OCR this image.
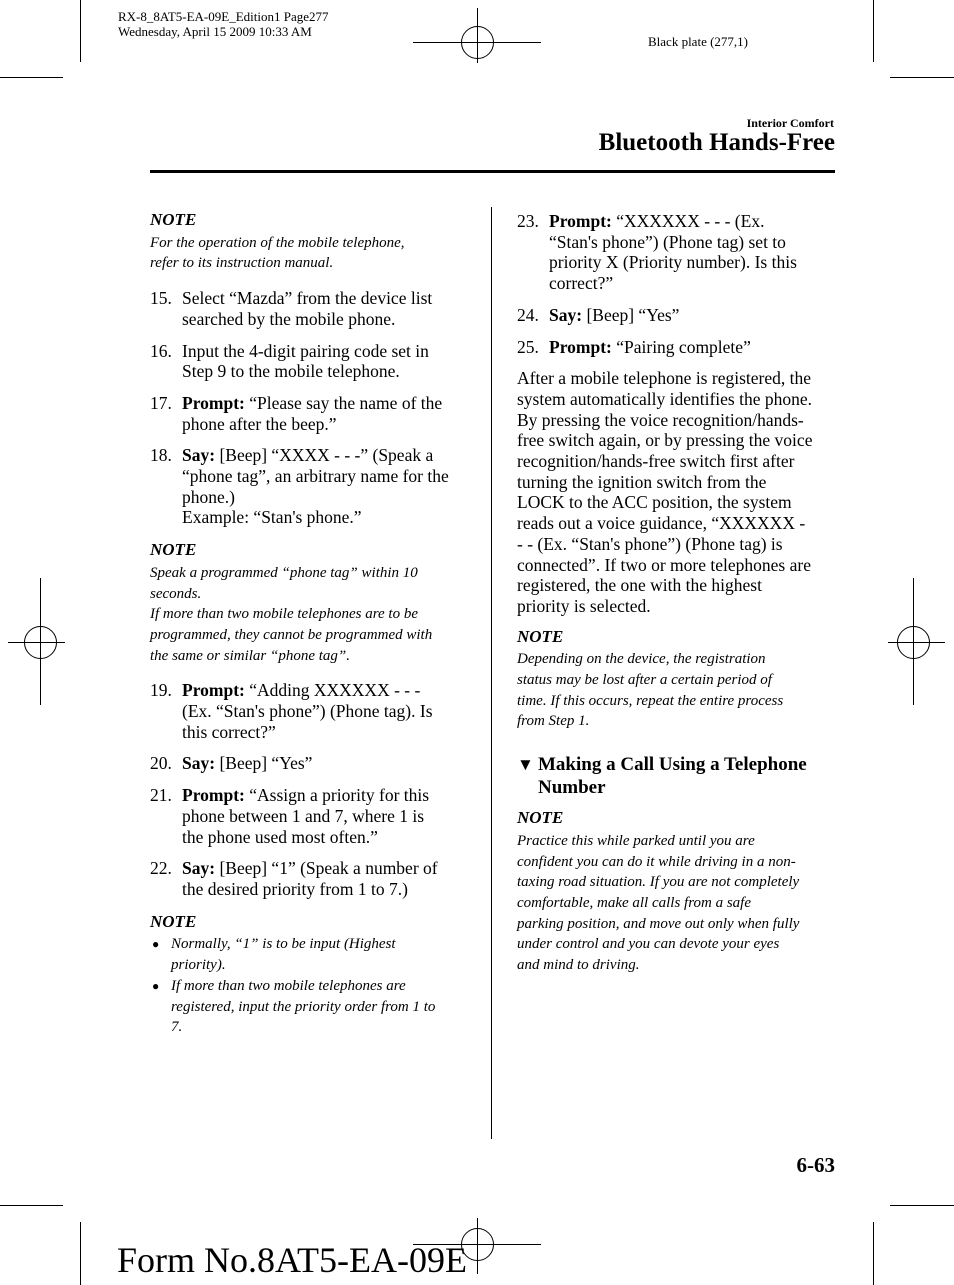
RX-8_8AT5-EA-09E_Edition1 Page277
Wednesday, April 15 2009 10:33 AM
Black plate (277,1)
Interior Comfort
Bluetooth Hands-Free

NOTE

For the operation of the mobile telephone,

refer to its instruction manual.

15. Select “Mazda” from the device list
searched by the mobile phone.
16. Input the 4-digit pairing code set in
Step 9 to the mobile telephone.
17. Prompt: “Please say the name of the
phone after the beep.”
18. Say: [Beep] “XXXX - - -” (Speak a
“phone tag”, an arbitrary name for the
phone.)
Example: “Stan's phone.”

NOTE

Speak a programmed “phone tag” within 10

seconds.

If more than two mobile telephones are to be

programmed, they cannot be programmed with

the same or similar “phone tag”.

19. Prompt: “Adding XXXXXX - - -
(Ex. “Stan's phone”) (Phone tag). Is
this correct?”
20. Say: [Beep] “Yes”
21. Prompt: “Assign a priority for this
phone between 1 and 7, where 1 is
the phone used most often.”
22. Say: [Beep] “1” (Speak a number of
the desired priority from 1 to 7.)

NOTE

● Normally, “1” is to be input (Highest

priority).

● If more than two mobile telephones are

registered, input the priority order from 1 to

7.

23. Prompt: “XXXXXX - - - (Ex.
“Stan's phone”) (Phone tag) set to
priority X (Priority number). Is this
correct?”
24. Say: [Beep] “Yes”
25. Prompt: “Pairing complete”
After a mobile telephone is registered, the
system automatically identifies the phone.
By pressing the voice recognition/hands-
free switch again, or by pressing the voice
recognition/hands-free switch first after
turning the ignition switch from the
LOCK to the ACC position, the system
reads out a voice guidance, “XXXXXX -
- - (Ex. “Stan's phone”) (Phone tag) is
connected”. If two or more telephones are
registered, the one with the highest
priority is selected.

NOTE

Depending on the device, the registration

status may be lost after a certain period of

time. If this occurs, repeat the entire process

from Step 1.

▼ Making a Call Using a Telephone
Number

NOTE

Practice this while parked until you are

confident you can do it while driving in a non-

taxing road situation. If you are not completely

comfortable, make all calls from a safe

parking position, and move out only when fully

under control and you can devote your eyes

and mind to driving.

6-63
Form No.8AT5-EA-09E
